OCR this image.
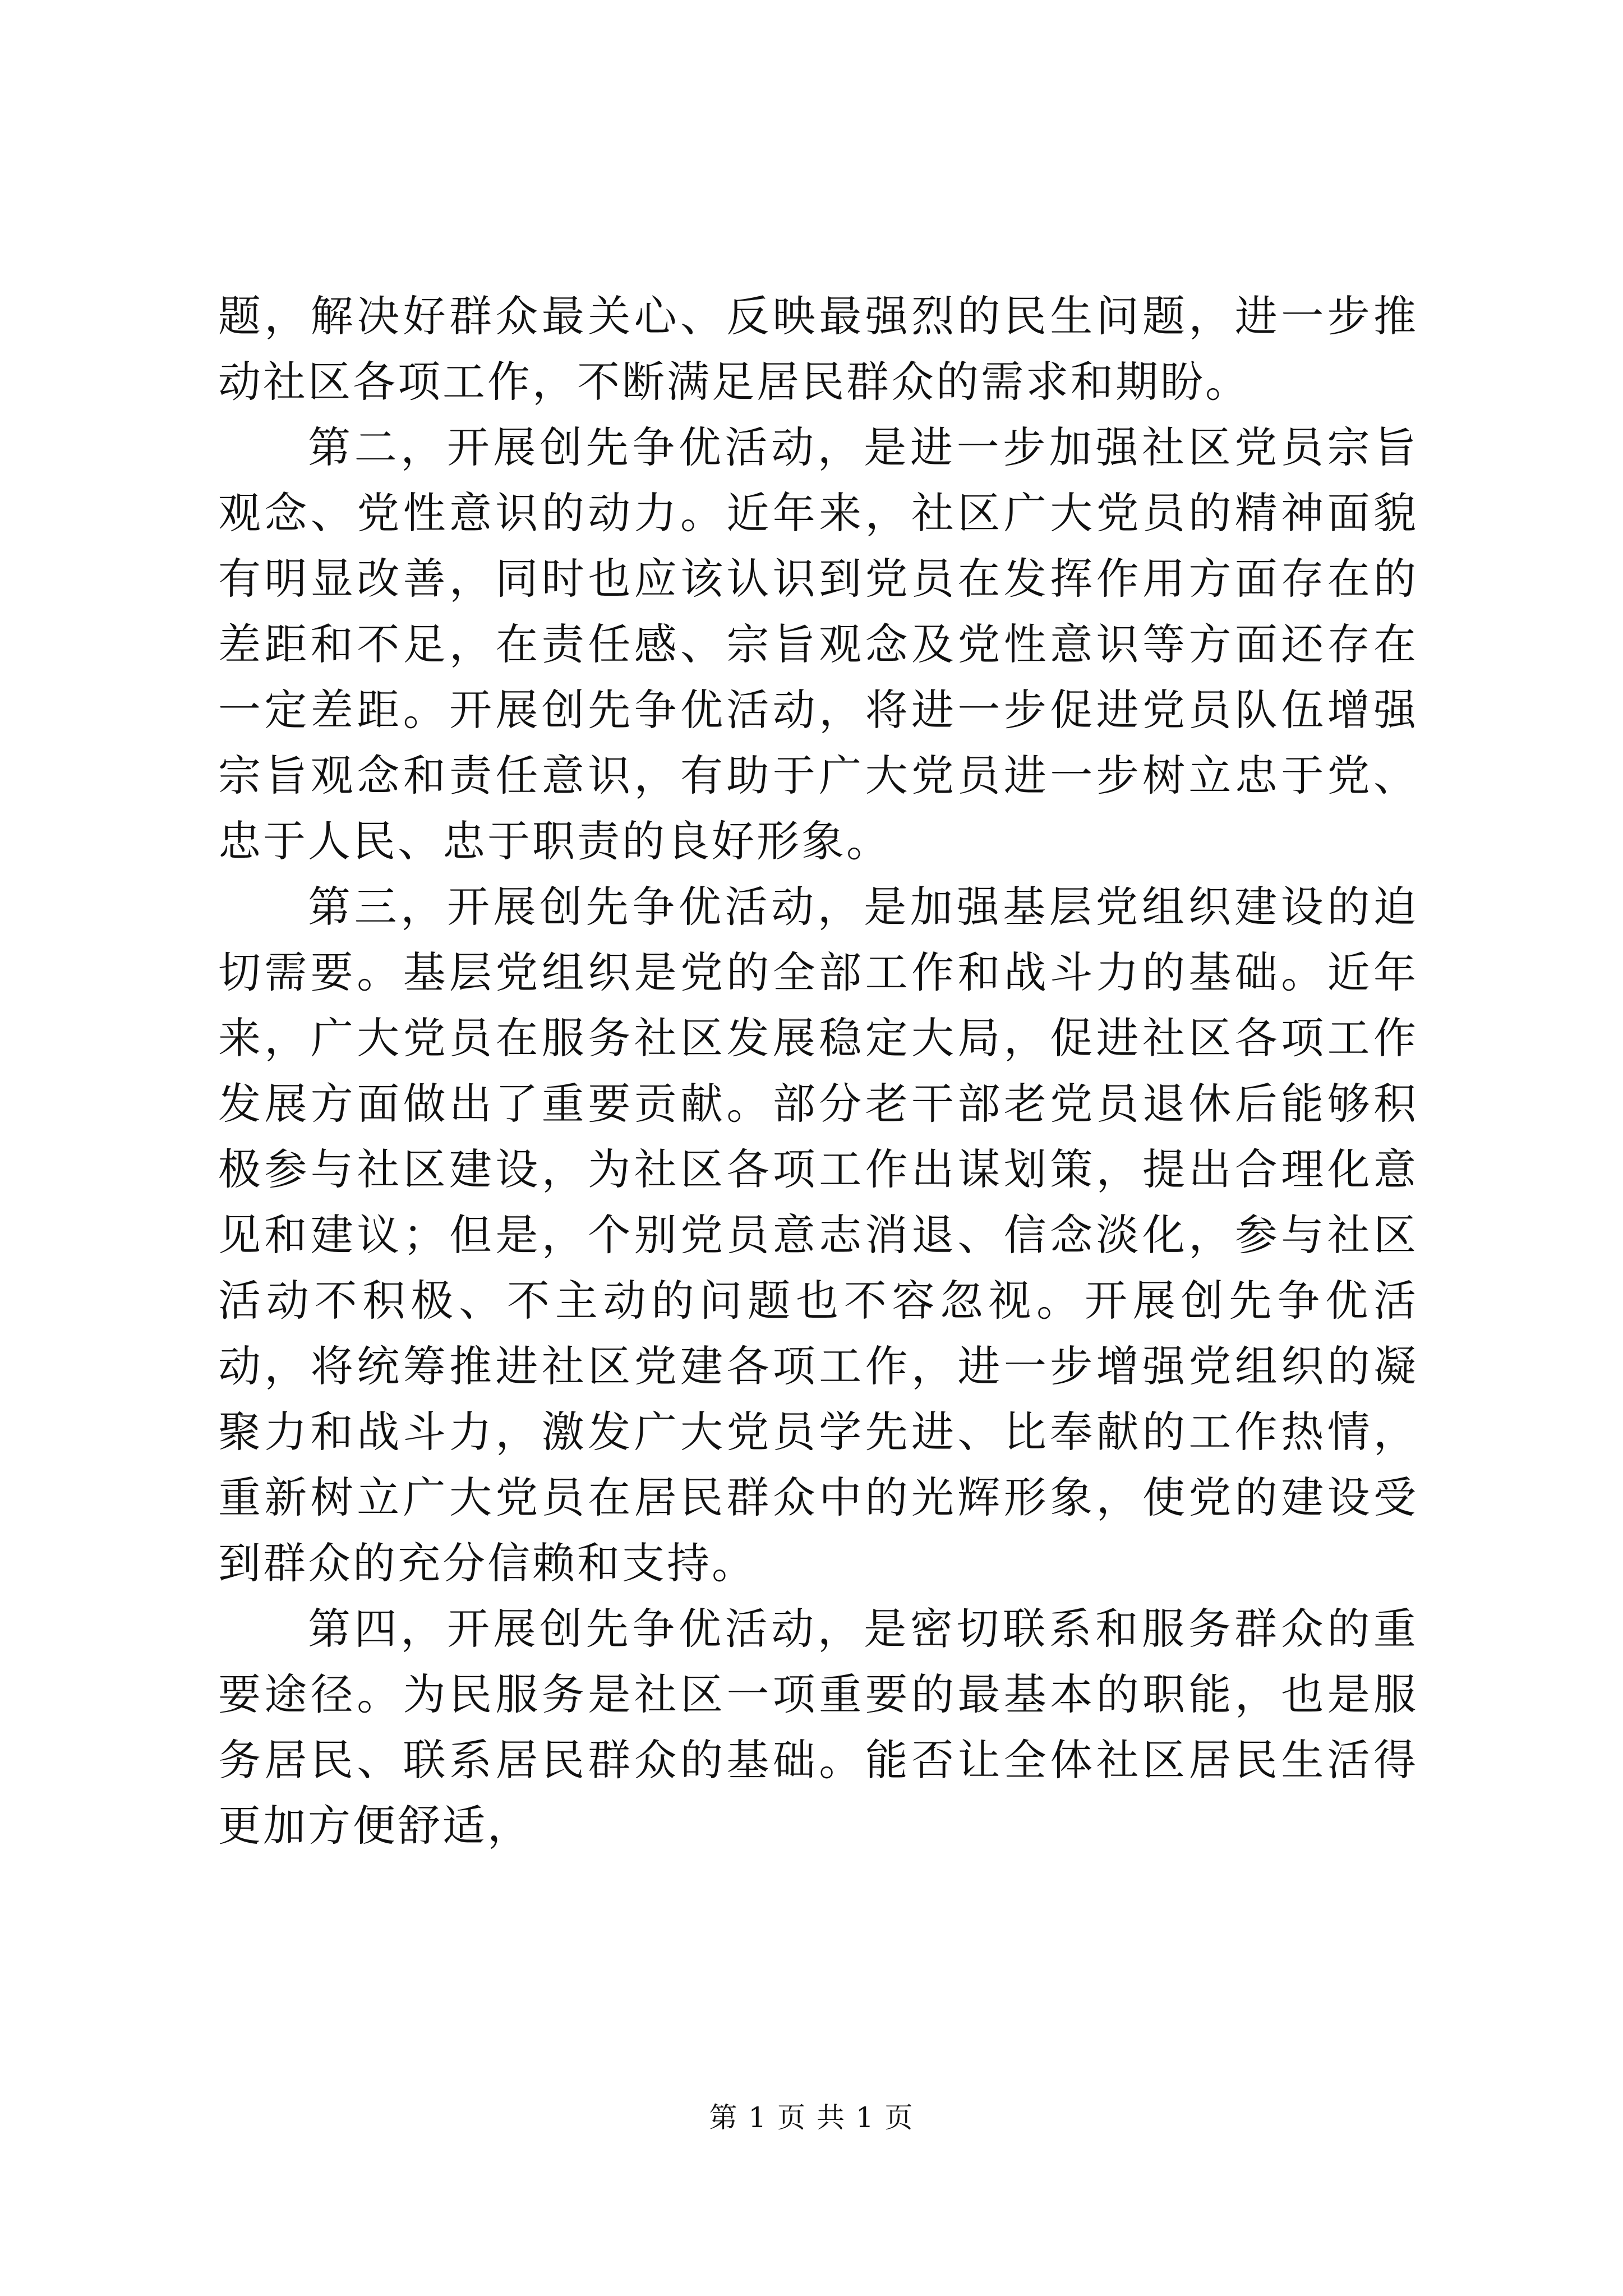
题，解决好群众最关心、反映最强烈的民生问题，进一步推动社区各项工作，不断满足居民群众的需求和期盼。

第二，开展创先争优活动，是进一步加强社区党员宗旨观念、党性意识的动力。近年来，社区广大党员的精神面貌有明显改善，同时也应该认识到党员在发挥作用方面存在的差距和不足，在责任感、宗旨观念及党性意识等方面还存在一定差距。开展创先争优活动，将进一步促进党员队伍增强宗旨观念和责任意识，有助于广大党员进一步树立忠于党、忠于人民、忠于职责的良好形象。

第三，开展创先争优活动，是加强基层党组织建设的迫切需要。基层党组织是党的全部工作和战斗力的基础。近年来，广大党员在服务社区发展稳定大局，促进社区各项工作发展方面做出了重要贡献。部分老干部老党员退休后能够积极参与社区建设，为社区各项工作出谋划策，提出合理化意见和建议；但是，个别党员意志消退、信念淡化，参与社区活动不积极、不主动的问题也不容忽视。开展创先争优活动，将统筹推进社区党建各项工作，进一步增强党组织的凝聚力和战斗力，激发广大党员学先进、比奉献的工作热情，重新树立广大党员在居民群众中的光辉形象，使党的建设受到群众的充分信赖和支持。

第四，开展创先争优活动，是密切联系和服务群众的重要途径。为民服务是社区一项重要的最基本的职能，也是服务居民、联系居民群众的基础。能否让全体社区居民生活得更加方便舒适，

第 1 页 共 1 页
